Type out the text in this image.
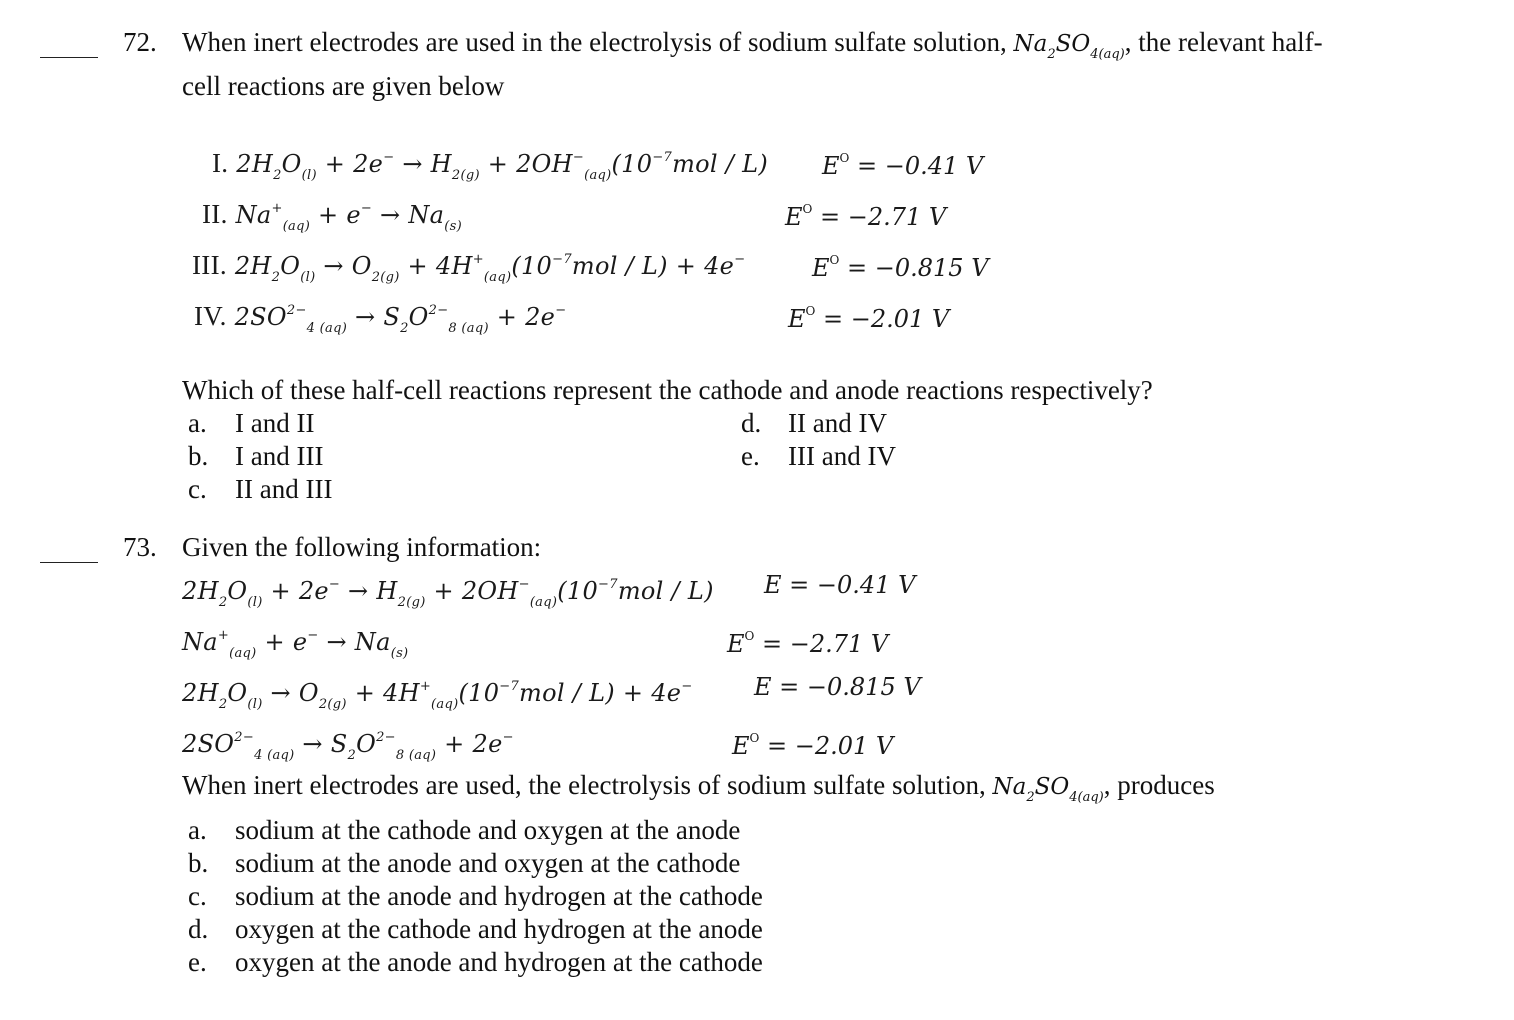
72. When inert electrodes are used in the electrolysis of sodium sulfate solution, $Na_2SO_{4(aq)}$, the relevant half-
cell reactions are given below
I. $2H_2O_{(l)} + 2e^- \to H_{2(g)} + 2OH^-_{(aq)}(10^{-7}mol / L) E^O = -0.41$ V
II. $Na^+_{(aq)} + e^- \to Na_{(s)}$	$E^O = -2.71$ V
III. $2H_2O_{(l)} \to O_{2(g)} + 4H^+_{(aq)}(10^{-7}mol / L) + 4e^-$	$E^O = -0.815$ V
IV. $2SO^{2-}_{4 (aq)} \to S_2O^{2-}_{8 (aq)} + 2e^-$	$E^O = -2.01$ V
Which of these half-cell reactions represent the cathode and anode reactions respectively?
a. I and II
b. I and III
c. II and III
d. II and IV
e. III and IV
73. Given the following information:
$2H_2O_{(l)} + 2e^- \to H_{2(g)} + 2OH^-_{(aq)}(10^{-7}mol / L) E = -0.41$ V
$Na^+_{(aq)} + e^- \to Na_{(s)}$	$E^O = -2.71$ V
$2H_2O_{(l)} \to O_{2(g)} + 4H^+_{(aq)}(10^{-7}mol / L) + 4e^-$	E = −0.815 V
$2SO^{2-}_{4 (aq)} \to S_2O^{2-}_{8 (aq)} + 2e^-$	$E^O = -2.01$ V
When inert electrodes are used, the electrolysis of sodium sulfate solution, $Na_2SO_{4(aq)}$, produces
a. sodium at the cathode and oxygen at the anode
b. sodium at the anode and oxygen at the cathode
c. sodium at the anode and hydrogen at the cathode
d. oxygen at the cathode and hydrogen at the anode
e. oxygen at the anode and hydrogen at the cathode
